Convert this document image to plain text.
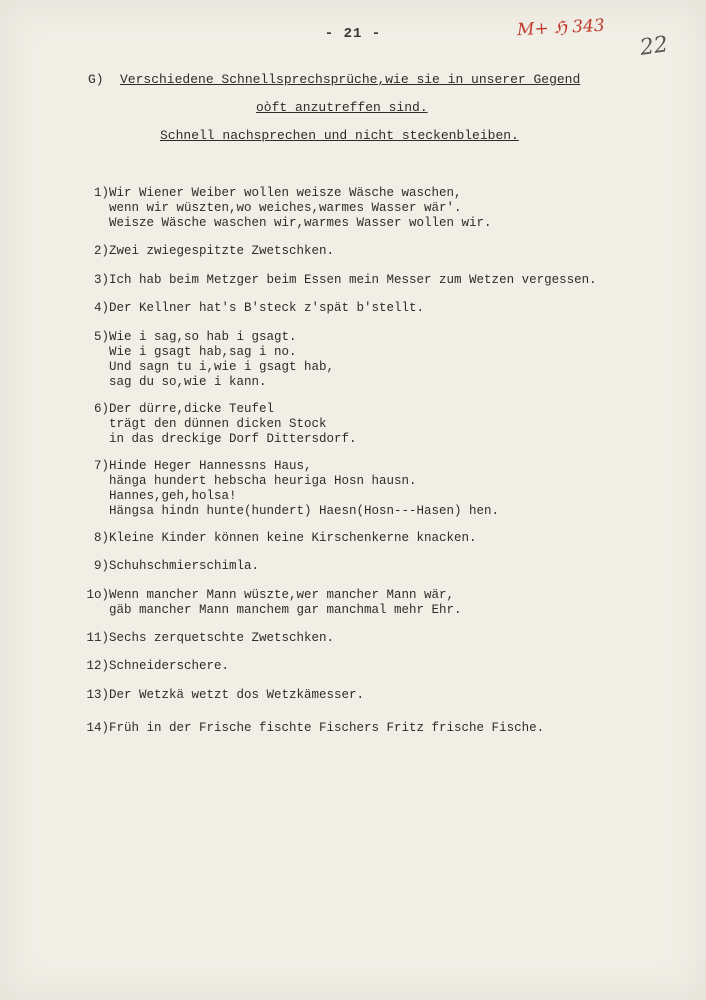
- 21 -	M+ ℌ 343
22
G) Verschiedene Schnellsprechsprüche,wie sie in unserer Gegend
oòft anzutreffen sind.
Schnell nachsprechen und nicht steckenbleiben.
1) Wir Wiener Weiber wollen weisze Wäsche waschen,
wenn wir wüszten,wo weiches,warmes Wasser wär'.
Weisze Wäsche waschen wir,warmes Wasser wollen wir.
2) Zwei zwiegespitzte Zwetschken.
3) Ich hab beim Metzger beim Essen mein Messer zum Wetzen vergessen.
4) Der Kellner hat's B'steck z'spät b'stellt.
5) Wie i sag,so hab i gsagt.
Wie i gsagt hab,sag i no.
Und sagn tu i,wie i gsagt hab,
sag du so,wie i kann.
6) Der dürre,dicke Teufel
trägt den dünnen dicken Stock
in das dreckige Dorf Dittersdorf.
7) Hinde Heger Hannessns Haus,
hänga hundert hebscha heuriga Hosn hausn.
Hannes,geh,holsa!
Hängsa hindn hunte(hundert) Haesn(Hosn---Hasen) hen.
8) Kleine Kinder können keine Kirschenkerne knacken.
9) Schuhschmierschimla.
1o) Wenn mancher Mann wüszte,wer mancher Mann wär,
gäb mancher Mann manchem gar manchmal mehr Ehr.
11) Sechs zerquetschte Zwetschken.
12) Schneiderschere.
13) Der Wetzkä wetzt dos Wetzkämesser.
14) Früh in der Frische fischte Fischers Fritz frische Fische.
